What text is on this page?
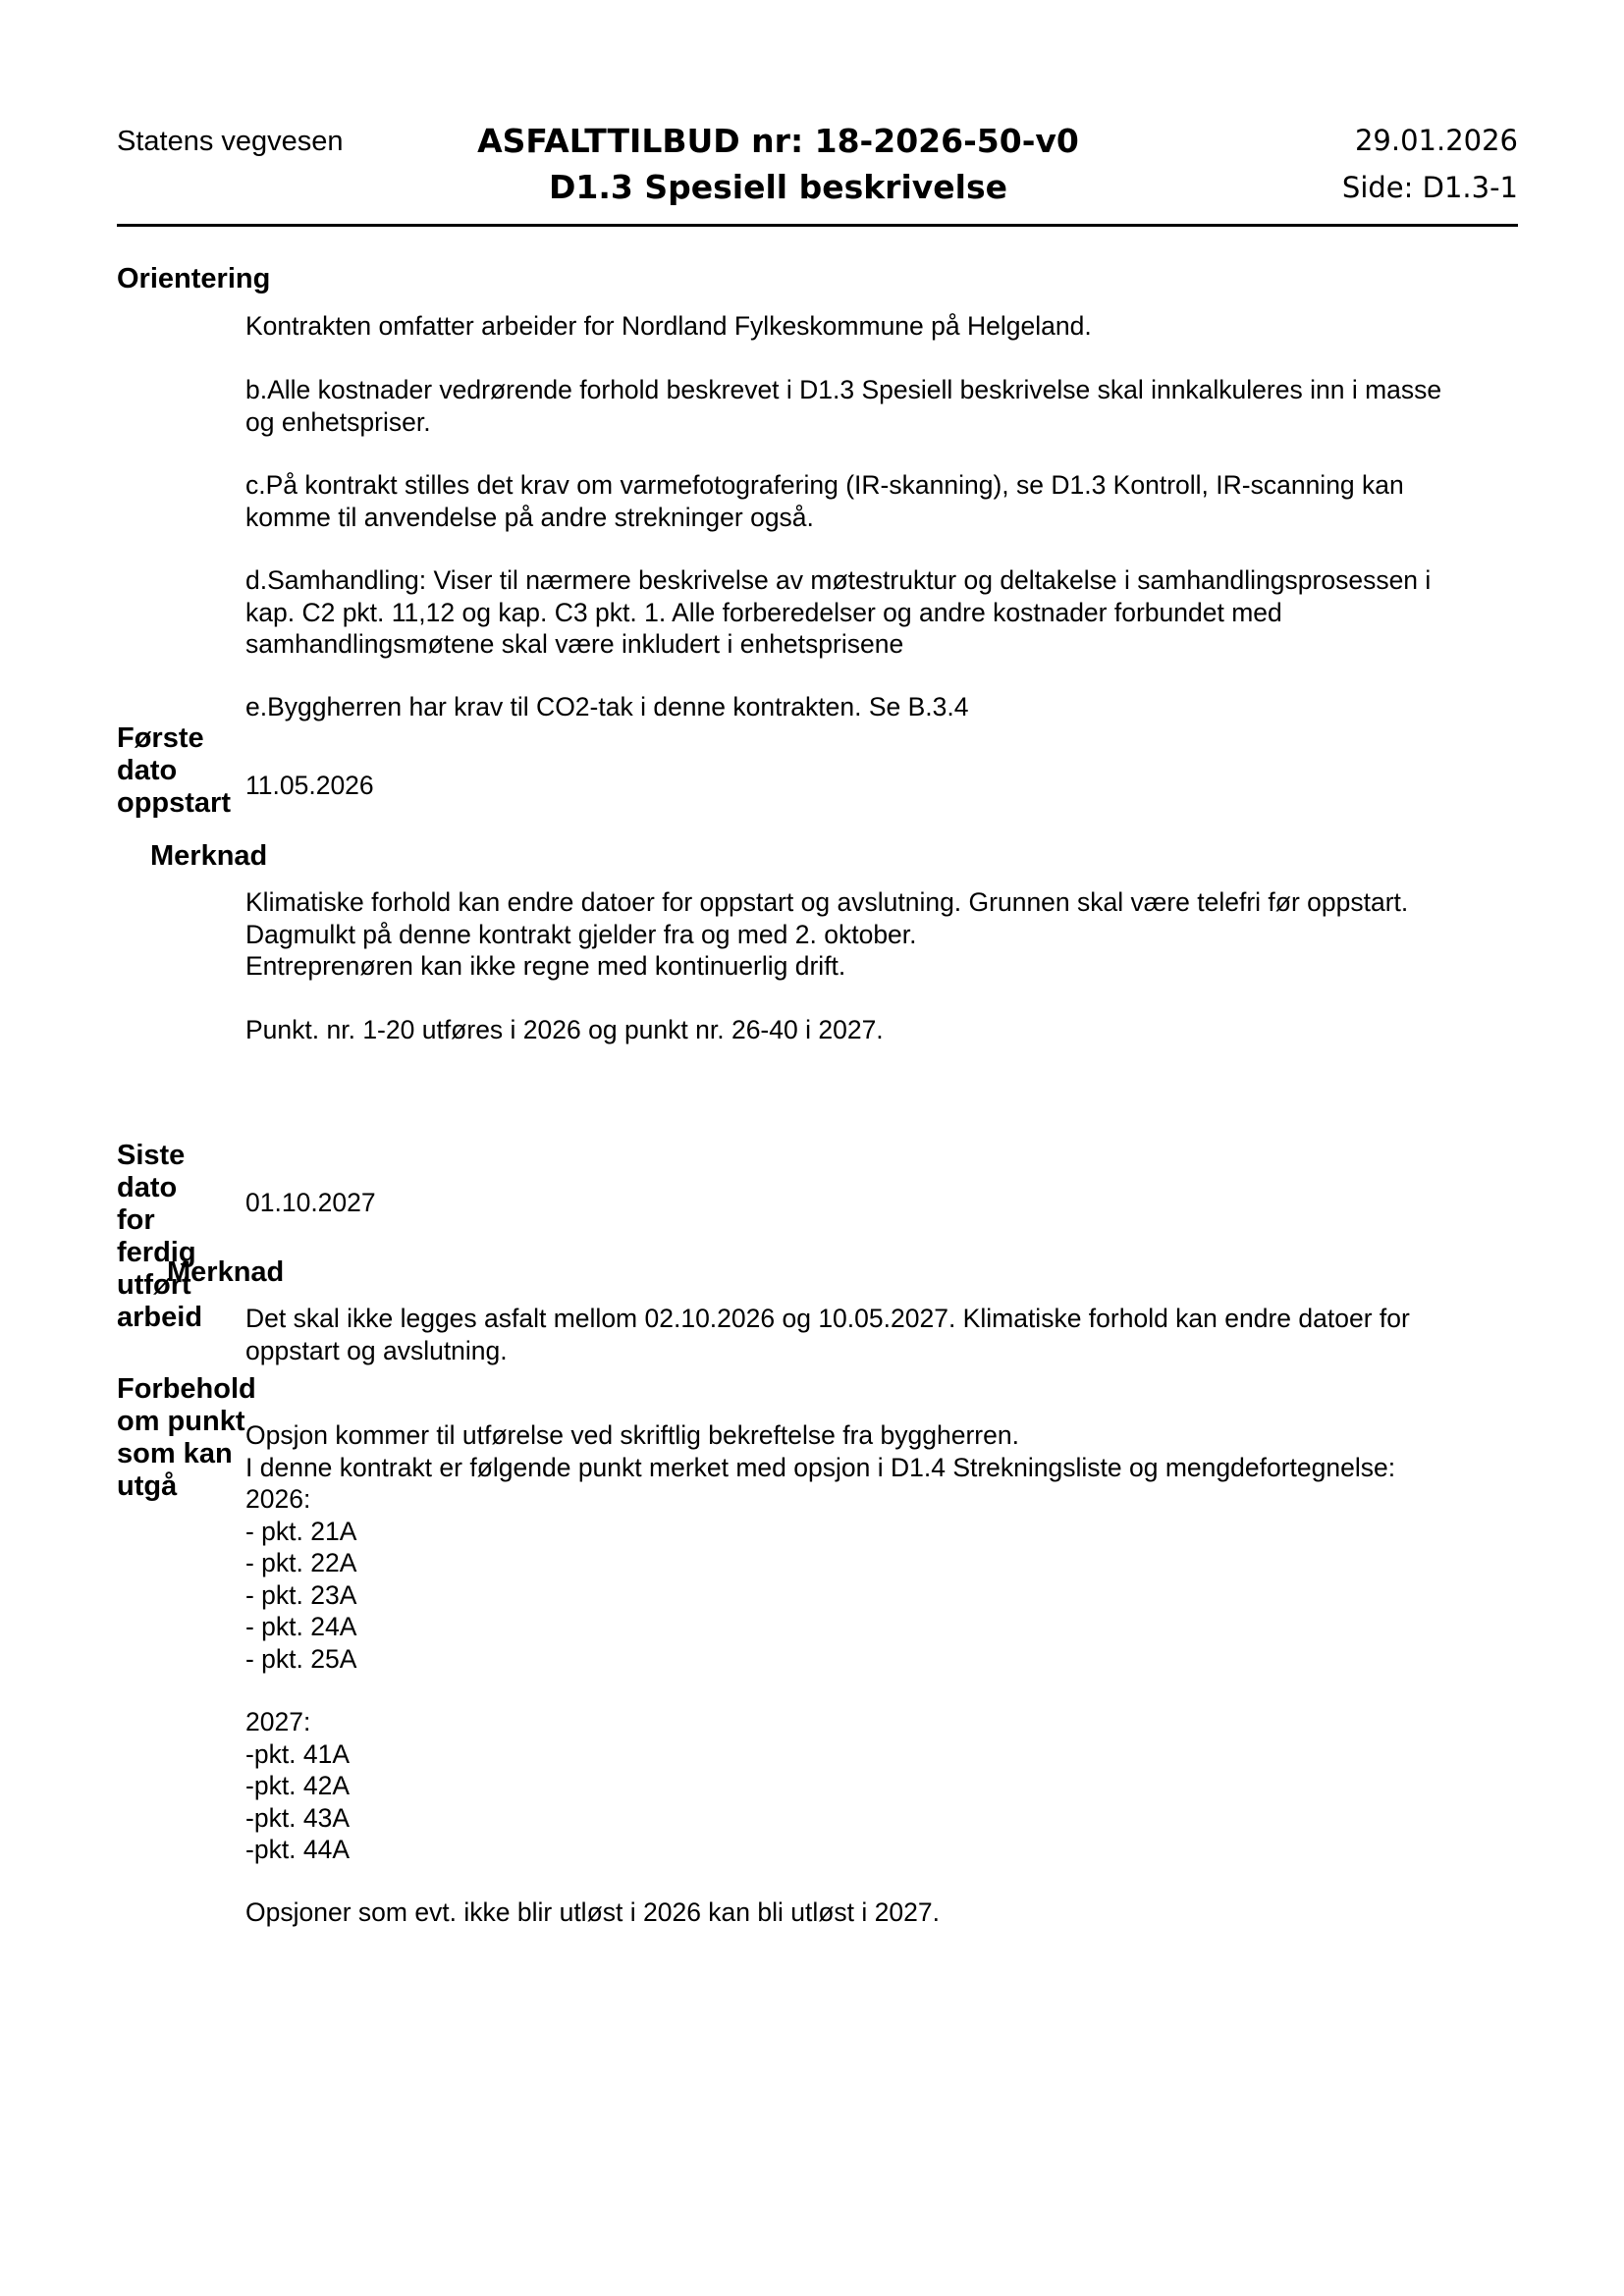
Statens vegvesen	ASFALTTILBUD nr: 18-2026-50-v0
D1.3 Spesiell beskrivelse
29.01.2026
Side: D1.3-1
Orientering
Kontrakten omfatter arbeider for Nordland Fylkeskommune på Helgeland.
b.Alle kostnader vedrørende forhold beskrevet i D1.3 Spesiell beskrivelse skal innkalkuleres inn i masse
og enhetspriser.
c.På kontrakt stilles det krav om varmefotografering (IR-skanning), se D1.3 Kontroll, IR-scanning kan
komme til anvendelse på andre strekninger også.
d.Samhandling: Viser til nærmere beskrivelse av møtestruktur og deltakelse i samhandlingsprosessen i
kap. C2 pkt. 11,12 og kap. C3 pkt. 1. Alle forberedelser og andre kostnader forbundet med
samhandlingsmøtene skal være inkludert i enhetsprisene
e.Byggherren har krav til CO2-tak i denne kontrakten. Se B.3.4
Første dato oppstart
11.05.2026
Merknad
Klimatiske forhold kan endre datoer for oppstart og avslutning. Grunnen skal være telefri før oppstart.
Dagmulkt på denne kontrakt gjelder fra og med 2. oktober.
Entreprenøren kan ikke regne med kontinuerlig drift.
Punkt. nr. 1-20 utføres i 2026 og punkt nr. 26-40 i 2027.
Siste dato for ferdig utført arbeid
01.10.2027
Merknad
Det skal ikke legges asfalt mellom 02.10.2026 og 10.05.2027. Klimatiske forhold kan endre datoer for
oppstart og avslutning.
Forbehold om punkt som kan utgå
Opsjon kommer til utførelse ved skriftlig bekreftelse fra byggherren.
I denne kontrakt er følgende punkt merket med opsjon i D1.4 Strekningsliste og mengdefortegnelse:
2026:
- pkt. 21A
- pkt. 22A
- pkt. 23A
- pkt. 24A
- pkt. 25A
2027:
-pkt. 41A
-pkt. 42A
-pkt. 43A
-pkt. 44A
Opsjoner som evt. ikke blir utløst i 2026 kan bli utløst i 2027.
